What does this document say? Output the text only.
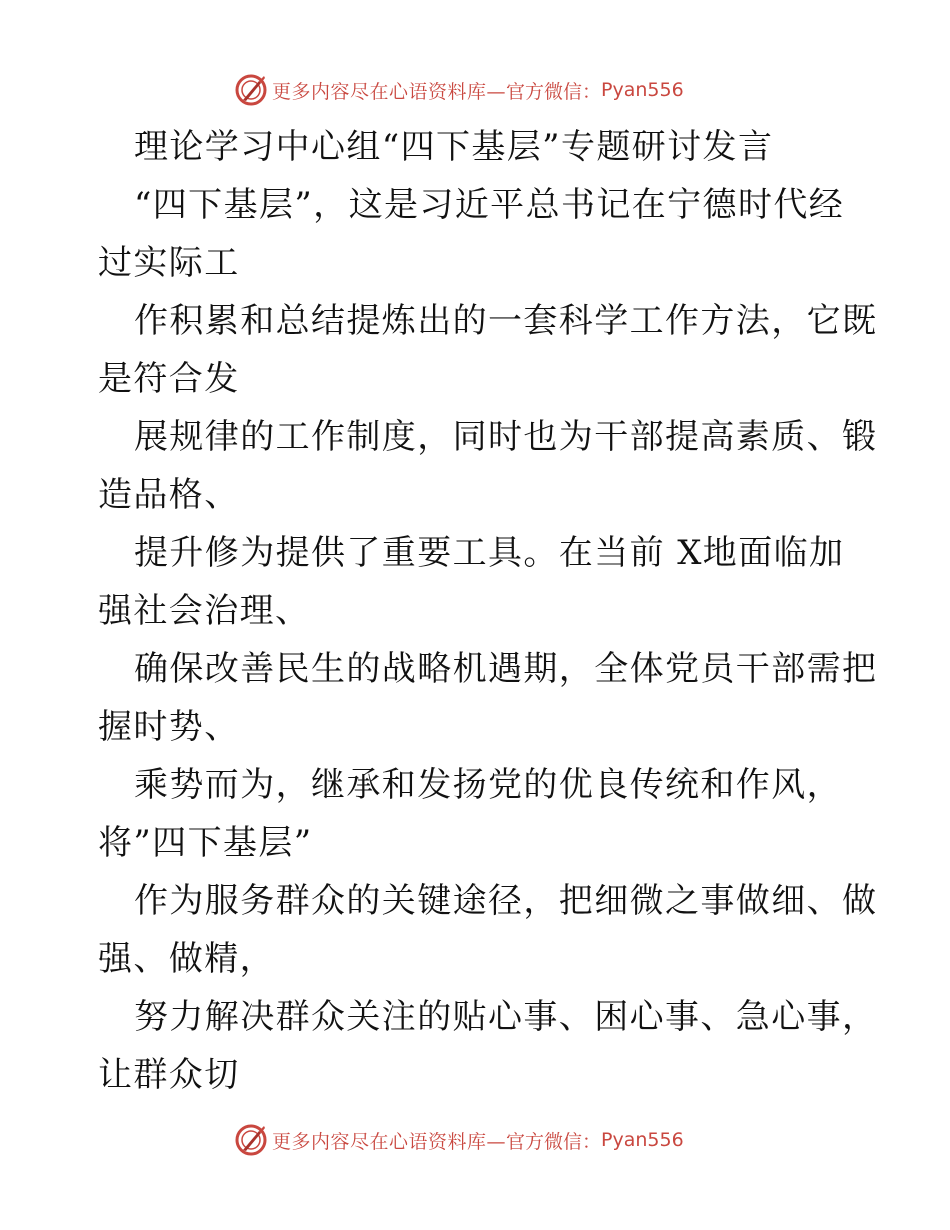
更多内容尽在心语资料库— 官方微信： Pyan556
理论学习中心组“四下基层”专题研讨发言
“四下基层”，这是习近平总书记在宁德时代经
过实际工
作积累和总结提炼出的一套科学工作方法，它既
是符合发
展规律的工作制度，同时也为干部提高素质、锻
造品格、
提升修为提供了重要工具。在当前 X地面临加
强社会治理、
确保改善民生的战略机遇期，全体党员干部需把
握时势、
乘势而为，继承和发扬党的优良传统和作风，
将”四下基层”
作为服务群众的关键途径，把细微之事做细、做
强、做精，
努力解决群众关注的贴心事、困心事、急心事，
让群众切
更多内容尽在心语资料库— 官方微信： Pyan556
